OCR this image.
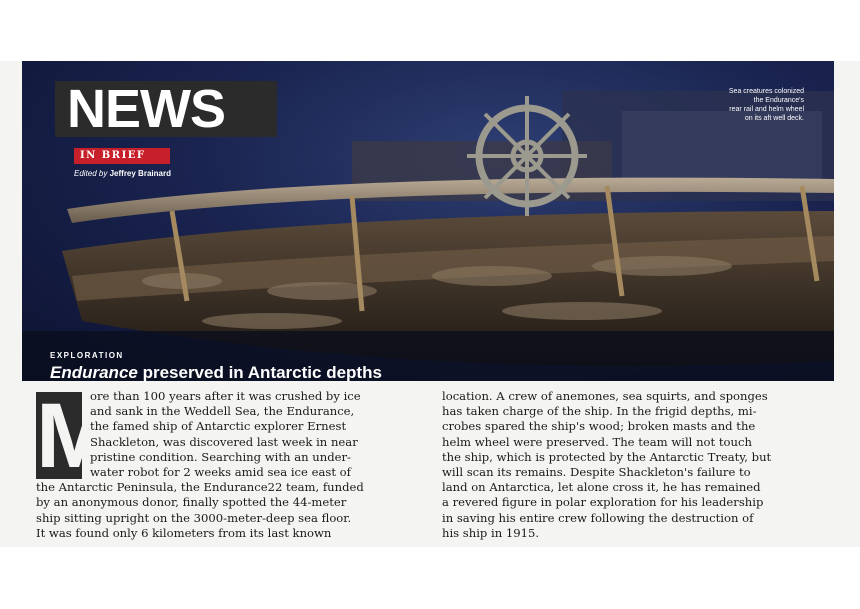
NEWS
IN BRIEF
Edited by Jeffrey Brainard
Sea creatures colonized
the Endurance's
rear rail and helm wheel
on its aft well deck.
EXPLORATION
Endurance preserved in Antarctic depths
M
ore than 100 years after it was crushed by ice
and sank in the Weddell Sea, the Endurance,
the famed ship of Antarctic explorer Ernest
Shackleton, was discovered last week in near
pristine condition. Searching with an under-
water robot for 2 weeks amid sea ice east of
the Antarctic Peninsula, the Endurance22 team, funded
by an anonymous donor, finally spotted the 44-meter
ship sitting upright on the 3000-meter-deep sea floor.
It was found only 6 kilometers from its last known
location. A crew of anemones, sea squirts, and sponges
has taken charge of the ship. In the frigid depths, mi-
crobes spared the ship's wood; broken masts and the
helm wheel were preserved. The team will not touch
the ship, which is protected by the Antarctic Treaty, but
will scan its remains. Despite Shackleton's failure to
land on Antarctica, let alone cross it, he has remained
a revered figure in polar exploration for his leadership
in saving his entire crew following the destruction of
his ship in 1915.
